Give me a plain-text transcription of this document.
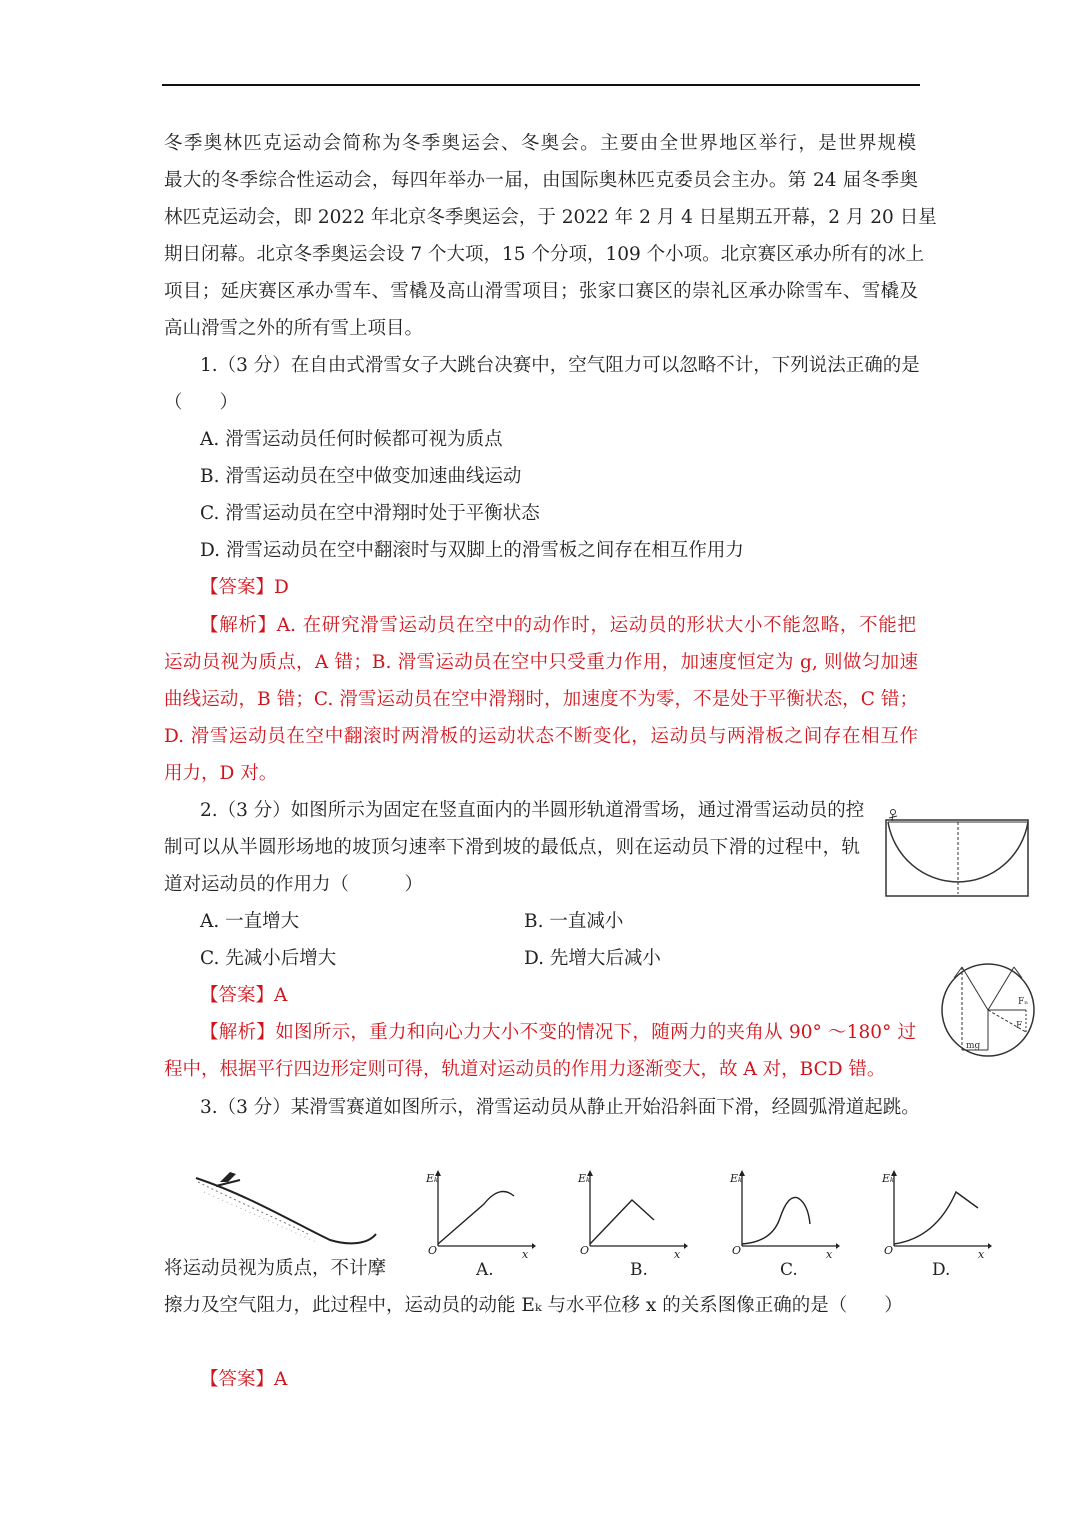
冬季奥林匹克运动会简称为冬季奥运会、冬奥会。主要由全世界地区举行，是世界规模
最大的冬季综合性运动会，每四年举办一届，由国际奥林匹克委员会主办。第 24 届冬季奥
林匹克运动会，即 2022 年北京冬季奥运会，于 2022 年 2 月 4 日星期五开幕，2 月 20 日星
期日闭幕。北京冬季奥运会设 7 个大项，15 个分项，109 个小项。北京赛区承办所有的冰上
项目；延庆赛区承办雪车、雪橇及高山滑雪项目；张家口赛区的崇礼区承办除雪车、雪橇及
高山滑雪之外的所有雪上项目。
1.（3 分）在自由式滑雪女子大跳台决赛中，空气阻力可以忽略不计，下列说法正确的是
（　　）
A. 滑雪运动员任何时候都可视为质点
B. 滑雪运动员在空中做变加速曲线运动
C. 滑雪运动员在空中滑翔时处于平衡状态
D. 滑雪运动员在空中翻滚时与双脚上的滑雪板之间存在相互作用力
【答案】D
【解析】A. 在研究滑雪运动员在空中的动作时，运动员的形状大小不能忽略，不能把
运动员视为质点，A 错；B. 滑雪运动员在空中只受重力作用，加速度恒定为 g, 则做匀加速
曲线运动，B 错；C. 滑雪运动员在空中滑翔时，加速度不为零，不是处于平衡状态，C 错；
D. 滑雪运动员在空中翻滚时两滑板的运动状态不断变化，运动员与两滑板之间存在相互作
用力，D 对。
2.（3 分）如图所示为固定在竖直面内的半圆形轨道滑雪场，通过滑雪运动员的控
制可以从半圆形场地的坡顶匀速率下滑到坡的最低点，则在运动员下滑的过程中，轨
道对运动员的作用力（　　　）
A. 一直增大	B. 一直减小
C. 先减小后增大	D. 先增大后减小
【答案】A
【解析】如图所示，重力和向心力大小不变的情况下，随两力的夹角从 90° ～180° 过
程中，根据平行四边形定则可得，轨道对运动员的作用力逐渐变大，故 A 对，BCD 错。
Fₙ
F
mg
3.（3 分）某滑雪赛道如图所示，滑雪运动员从静止开始沿斜面下滑，经圆弧滑道起跳。
Eₖ
x
O
A.
Eₖ
x
O
B.
Eₖ
x
O
C.
Eₖ
x
O
D.
将运动员视为质点，不计摩
擦力及空气阻力，此过程中，运动员的动能 Eₖ 与水平位移 x 的关系图像正确的是（　　）
【答案】A
